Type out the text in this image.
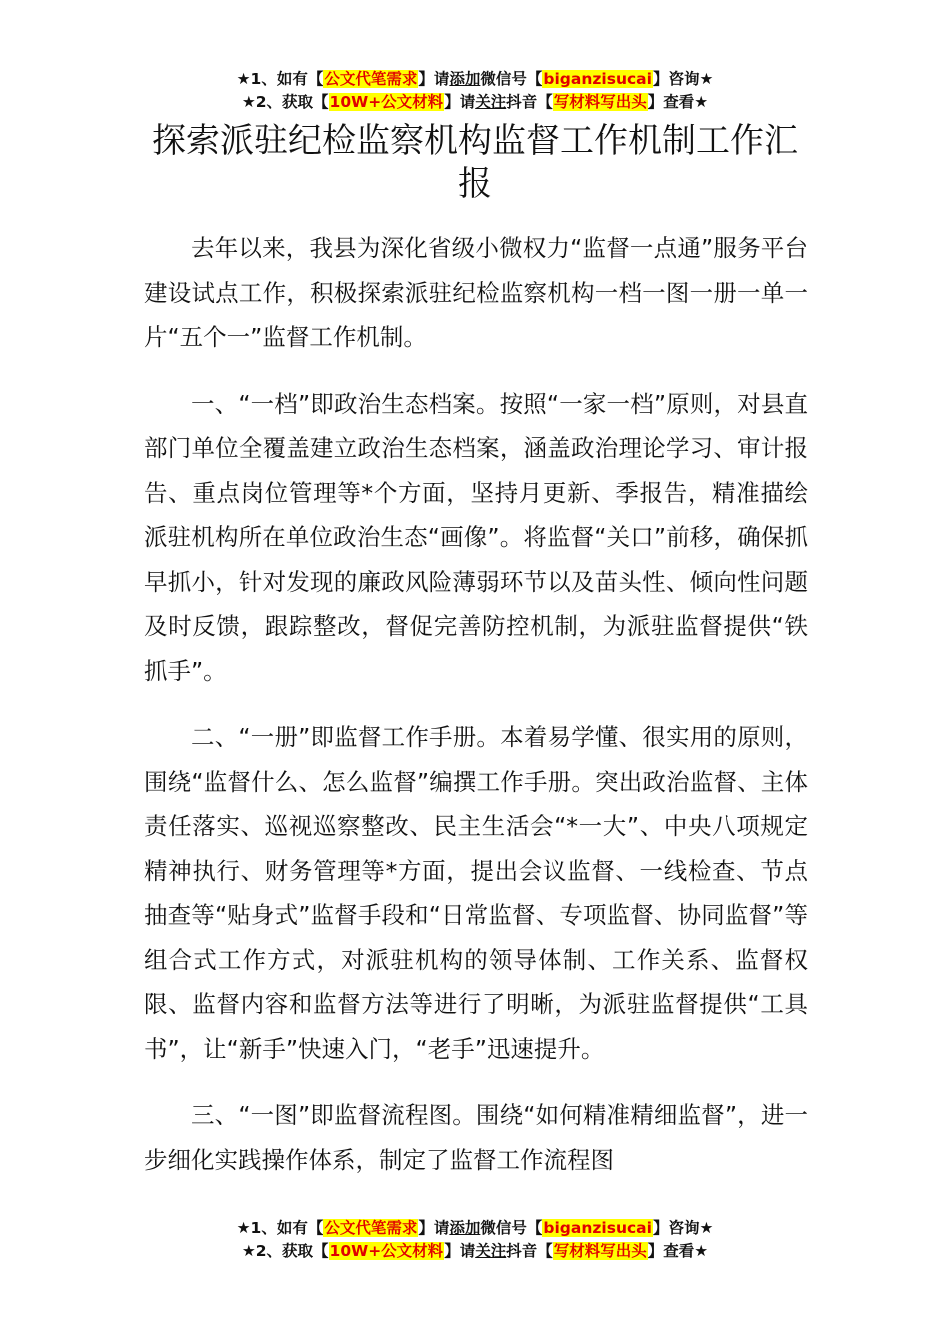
★1、如有【公文代笔需求】请添加微信号【biganzisucai】咨询★
★2、获取【10W+公文材料】请关注抖音【写材料写出头】查看★
探索派驻纪检监察机构监督工作机制工作汇报

去年以来，我县为深化省级小微权力“监督一点通”服务平台建设试点工作，积极探索派驻纪检监察机构一档一图一册一单一片“五个一”监督工作机制。

一、“一档”即政治生态档案。按照“一家一档”原则，对县直部门单位全覆盖建立政治生态档案，涵盖政治理论学习、审计报告、重点岗位管理等*个方面，坚持月更新、季报告，精准描绘派驻机构所在单位政治生态“画像”。将监督“关口”前移，确保抓早抓小，针对发现的廉政风险薄弱环节以及苗头性、倾向性问题及时反馈，跟踪整改，督促完善防控机制，为派驻监督提供“铁抓手”。

二、“一册”即监督工作手册。本着易学懂、很实用的原则，围绕“监督什么、怎么监督”编撰工作手册。突出政治监督、主体责任落实、巡视巡察整改、民主生活会“*一大”、中央八项规定精神执行、财务管理等*方面，提出会议监督、一线检查、节点抽查等“贴身式”监督手段和“日常监督、专项监督、协同监督”等组合式工作方式，对派驻机构的领导体制、工作关系、监督权限、监督内容和监督方法等进行了明晰，为派驻监督提供“工具书”，让“新手”快速入门，“老手”迅速提升。

三、“一图”即监督流程图。围绕“如何精准精细监督”，进一步细化实践操作体系，制定了监督工作流程图

★1、如有【公文代笔需求】请添加微信号【biganzisucai】咨询★
★2、获取【10W+公文材料】请关注抖音【写材料写出头】查看★
